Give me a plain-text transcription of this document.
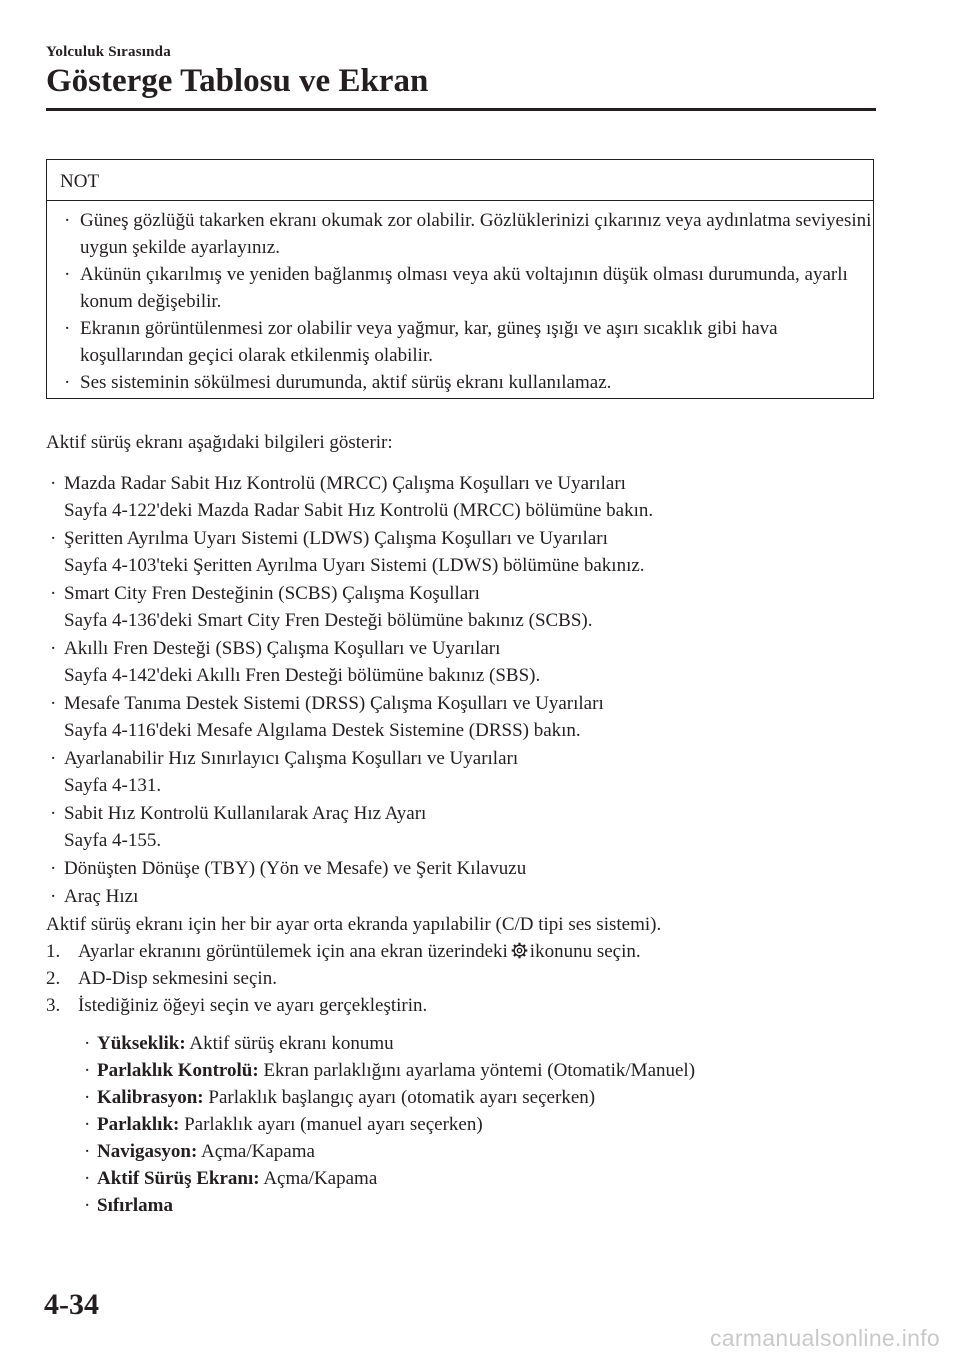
Yolculuk Sırasında
Gösterge Tablosu ve Ekran
NOT
· Güneş gözlüğü takarken ekranı okumak zor olabilir. Gözlüklerinizi çıkarınız veya aydınlatma seviyesini uygun şekilde ayarlayınız.
· Akünün çıkarılmış ve yeniden bağlanmış olması veya akü voltajının düşük olması durumunda, ayarlı konum değişebilir.
· Ekranın görüntülenmesi zor olabilir veya yağmur, kar, güneş ışığı ve aşırı sıcaklık gibi hava koşullarından geçici olarak etkilenmiş olabilir.
· Ses sisteminin sökülmesi durumunda, aktif sürüş ekranı kullanılamaz.

Aktif sürüş ekranı aşağıdaki bilgileri gösterir:

· Mazda Radar Sabit Hız Kontrolü (MRCC) Çalışma Koşulları ve Uyarıları
Sayfa 4-122'deki Mazda Radar Sabit Hız Kontrolü (MRCC) bölümüne bakın.
· Şeritten Ayrılma Uyarı Sistemi (LDWS) Çalışma Koşulları ve Uyarıları
Sayfa 4-103'teki Şeritten Ayrılma Uyarı Sistemi (LDWS) bölümüne bakınız.
· Smart City Fren Desteğinin (SCBS) Çalışma Koşulları
Sayfa 4-136'deki Smart City Fren Desteği bölümüne bakınız (SCBS).
· Akıllı Fren Desteği (SBS) Çalışma Koşulları ve Uyarıları
Sayfa 4-142'deki Akıllı Fren Desteği bölümüne bakınız (SBS).
· Mesafe Tanıma Destek Sistemi (DRSS) Çalışma Koşulları ve Uyarıları
Sayfa 4-116'deki Mesafe Algılama Destek Sistemine (DRSS) bakın.
· Ayarlanabilir Hız Sınırlayıcı Çalışma Koşulları ve Uyarıları
Sayfa 4-131.
· Sabit Hız Kontrolü Kullanılarak Araç Hız Ayarı
Sayfa 4-155.
· Dönüşten Dönüşe (TBY) (Yön ve Mesafe) ve Şerit Kılavuzu
· Araç Hızı

Aktif sürüş ekranı için her bir ayar orta ekranda yapılabilir (C/D tipi ses sistemi).

1. Ayarlar ekranını görüntülemek için ana ekran üzerindeki ikonunu seçin.
2. AD-Disp sekmesini seçin.
3. İstediğiniz öğeyi seçin ve ayarı gerçekleştirin.
· Yükseklik: Aktif sürüş ekranı konumu
· Parlaklık Kontrolü: Ekran parlaklığını ayarlama yöntemi (Otomatik/Manuel)
· Kalibrasyon: Parlaklık başlangıç ayarı (otomatik ayarı seçerken)
· Parlaklık: Parlaklık ayarı (manuel ayarı seçerken)
· Navigasyon: Açma/Kapama
· Aktif Sürüş Ekranı: Açma/Kapama
· Sıfırlama
4-34
carmanualsonline.info
